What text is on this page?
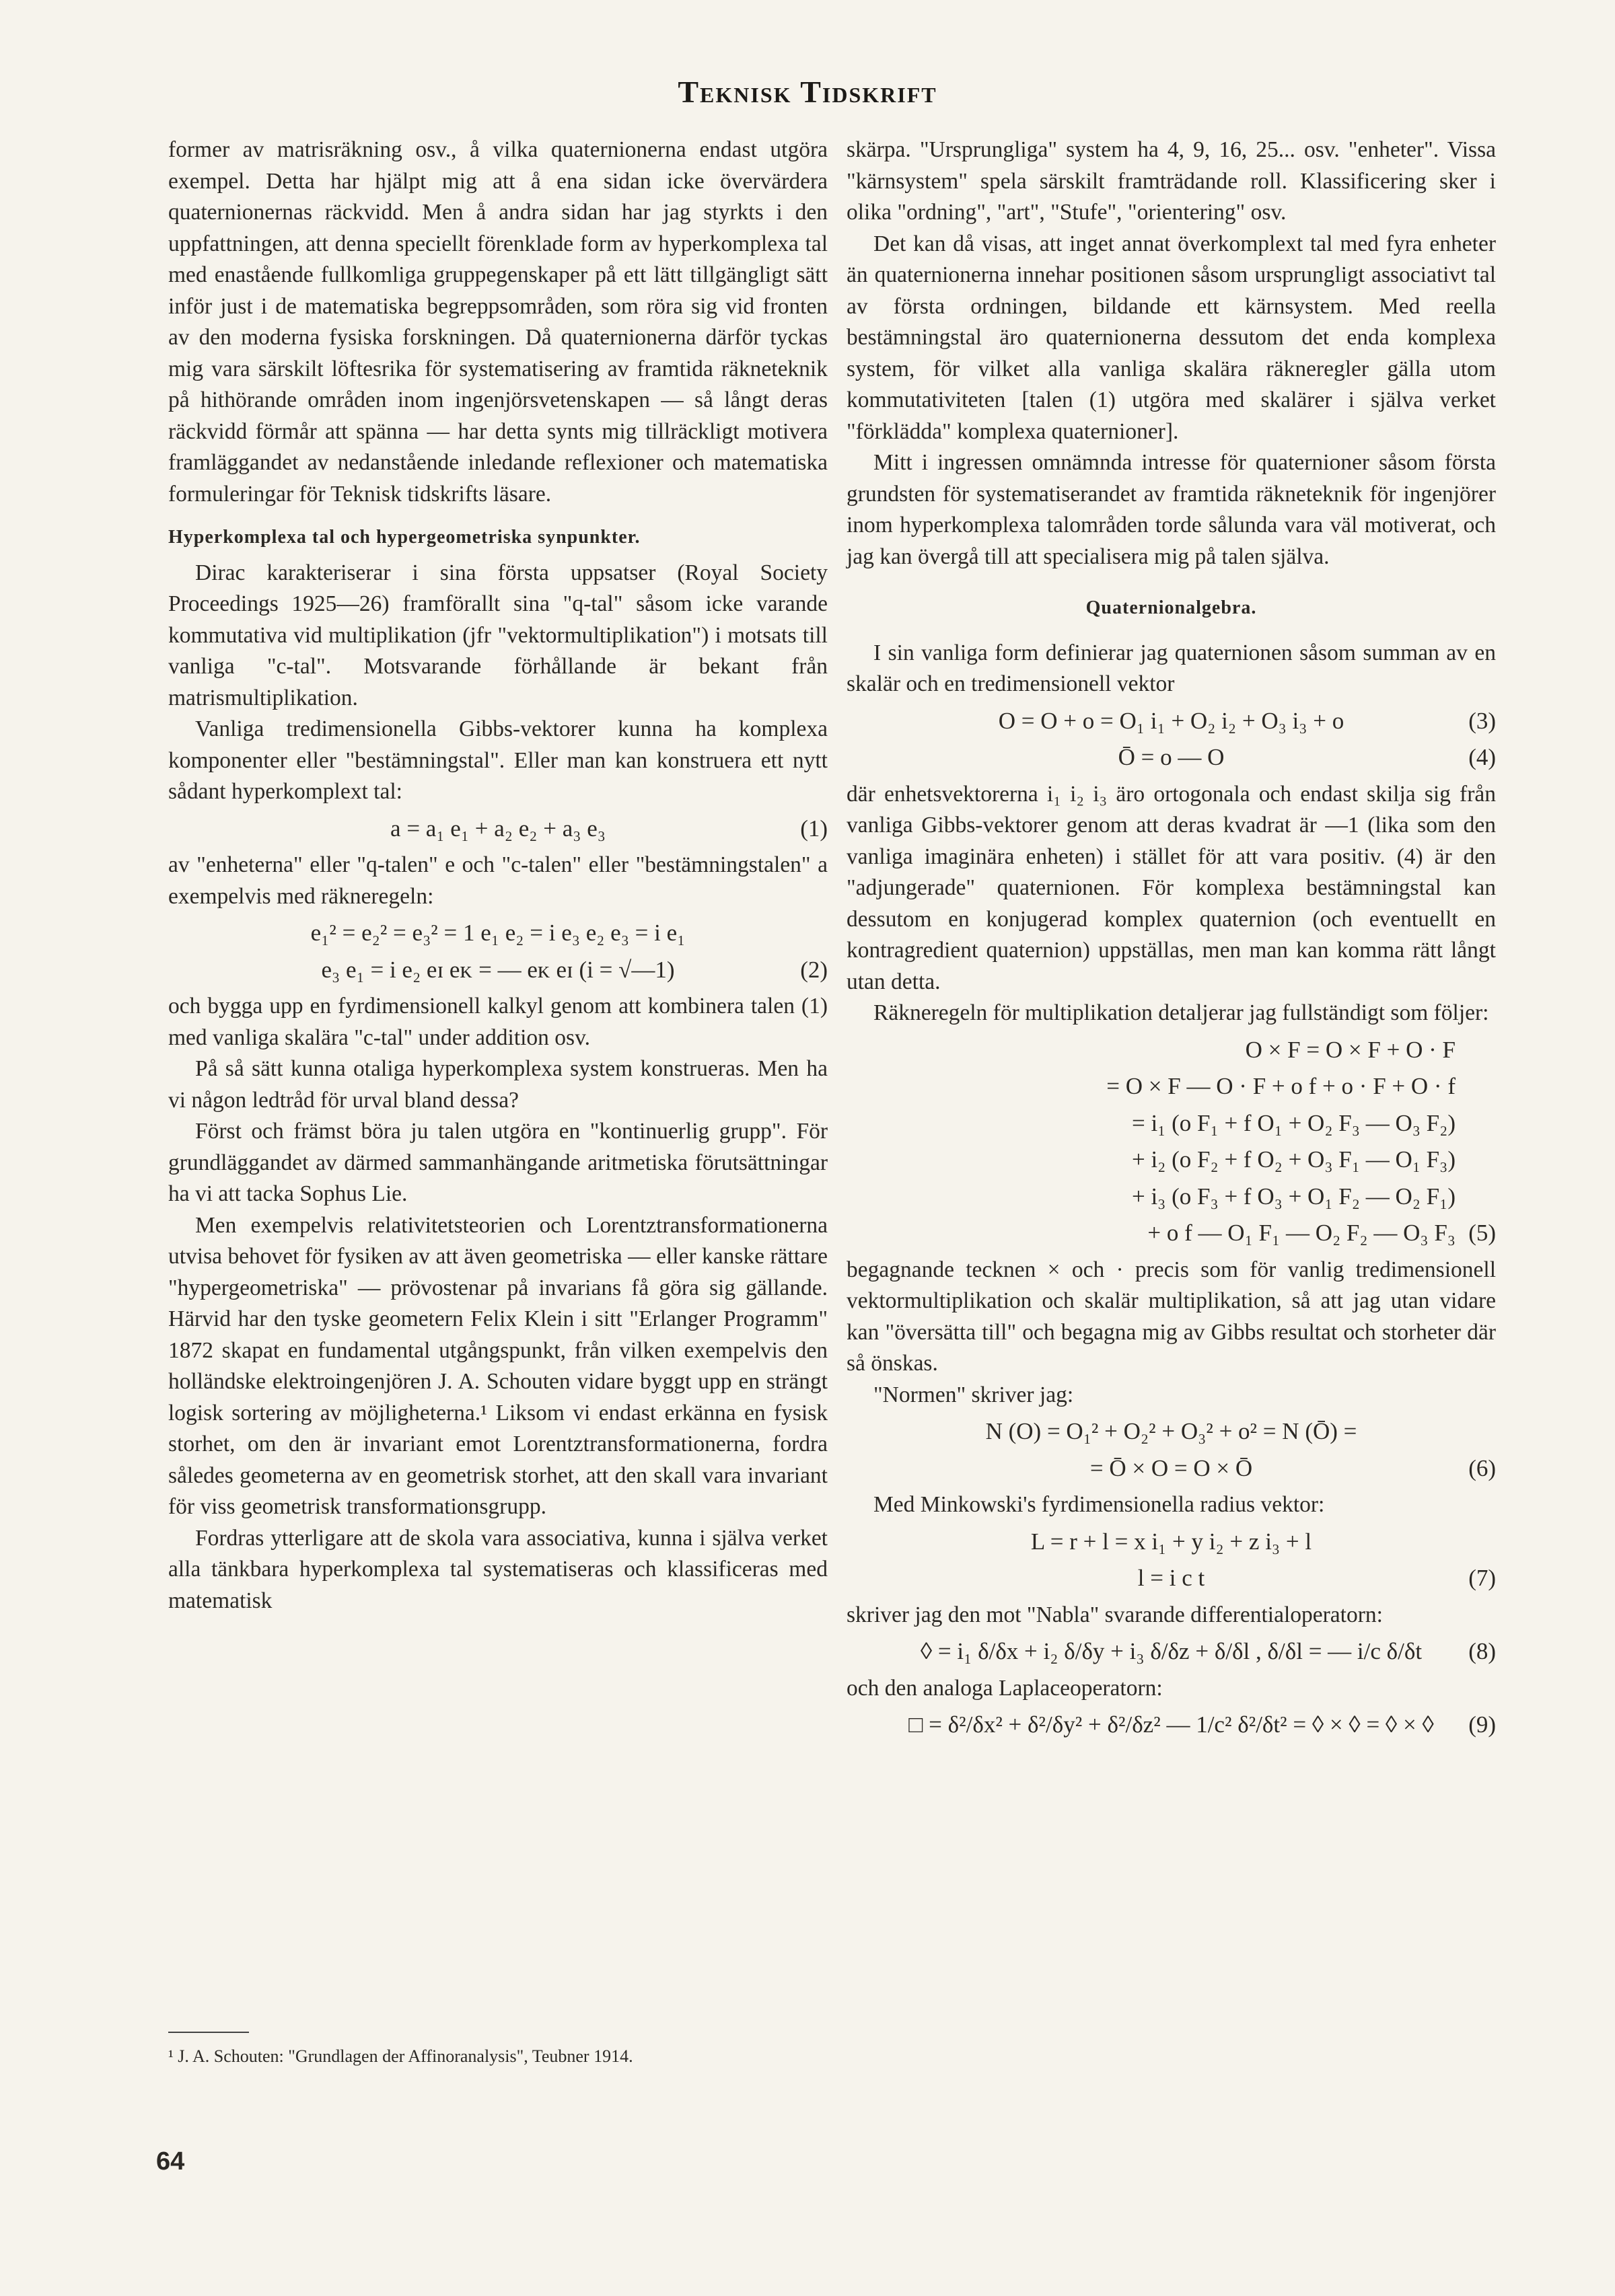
Teknisk Tidskrift

former av matrisräkning osv., å vilka quaternionerna endast utgöra exempel. Detta har hjälpt mig att å ena sidan icke övervärdera quaternionernas räckvidd. Men å andra sidan har jag styrkts i den uppfattningen, att denna speciellt förenklade form av hyperkomplexa tal med enastående fullkomliga gruppegenskaper på ett lätt tillgängligt sätt inför just i de matematiska begreppsområden, som röra sig vid fronten av den moderna fysiska forskningen. Då quaternionerna därför tyckas mig vara särskilt löftesrika för systematisering av framtida räkneteknik på hithörande områden inom ingenjörsvetenskapen — så långt deras räckvidd förmår att spänna — har detta synts mig tillräckligt motivera framläggandet av nedanstående inledande reflexioner och matematiska formuleringar för Teknisk tidskrifts läsare.

Hyperkomplexa tal och hypergeometriska synpunkter.

Dirac karakteriserar i sina första uppsatser (Royal Society Proceedings 1925—26) framförallt sina "q-tal" såsom icke varande kommutativa vid multiplikation (jfr "vektormultiplikation") i motsats till vanliga "c-tal". Motsvarande förhållande är bekant från matrismultiplikation.

Vanliga tredimensionella Gibbs-vektorer kunna ha komplexa komponenter eller "bestämningstal". Eller man kan konstruera ett nytt sådant hyperkomplext tal:

a = a₁ e₁ + a₂ e₂ + a₃ e₃	(1)

av "enheterna" eller "q-talen" e och "c-talen" eller "bestämningstalen" a exempelvis med räkneregeln:

e₁² = e₂² = e₃² = 1 e₁ e₂ = i e₃ e₂ e₃ = i e₁
e₃ e₁ = i e₂ eɪ eᴋ = — eᴋ eɪ (i = √—1)	(2)

och bygga upp en fyrdimensionell kalkyl genom att kombinera talen (1) med vanliga skalära "c-tal" under addition osv.

På så sätt kunna otaliga hyperkomplexa system konstrueras. Men ha vi någon ledtråd för urval bland dessa?

Först och främst böra ju talen utgöra en "kontinuerlig grupp". För grundläggandet av därmed sammanhängande aritmetiska förutsättningar ha vi att tacka Sophus Lie.

Men exempelvis relativitetsteorien och Lorentztransformationerna utvisa behovet för fysiken av att även geometriska — eller kanske rättare "hypergeometriska" — prövostenar på invarians få göra sig gällande. Härvid har den tyske geometern Felix Klein i sitt "Erlanger Programm" 1872 skapat en fundamental utgångspunkt, från vilken exempelvis den holländske elektroingenjören J. A. Schouten vidare byggt upp en strängt logisk sortering av möjligheterna.¹ Liksom vi endast erkänna en fysisk storhet, om den är invariant emot Lorentztransformationerna, fordra således geometerna av en geometrisk storhet, att den skall vara invariant för viss geometrisk transformationsgrupp.

Fordras ytterligare att de skola vara associativa, kunna i själva verket alla tänkbara hyperkomplexa tal systematiseras och klassificeras med matematisk

skärpa. "Ursprungliga" system ha 4, 9, 16, 25... osv. "enheter". Vissa "kärnsystem" spela särskilt framträdande roll. Klassificering sker i olika "ordning", "art", "Stufe", "orientering" osv.

Det kan då visas, att inget annat överkomplext tal med fyra enheter än quaternionerna innehar positionen såsom ursprungligt associativt tal av första ordningen, bildande ett kärnsystem. Med reella bestämningstal äro quaternionerna dessutom det enda komplexa system, för vilket alla vanliga skalära räkneregler gälla utom kommutativiteten [talen (1) utgöra med skalärer i själva verket "förklädda" komplexa quaternioner].

Mitt i ingressen omnämnda intresse för quaternioner såsom första grundsten för systematiserandet av framtida räkneteknik för ingenjörer inom hyperkomplexa talområden torde sålunda vara väl motiverat, och jag kan övergå till att specialisera mig på talen själva.

Quaternionalgebra.

I sin vanliga form definierar jag quaternionen såsom summan av en skalär och en tredimensionell vektor

O = O + o = O₁ i₁ + O₂ i₂ + O₃ i₃ + o	(3)
Ō = o — O	(4)

där enhetsvektorerna i₁ i₂ i₃ äro ortogonala och endast skilja sig från vanliga Gibbs-vektorer genom att deras kvadrat är —1 (lika som den vanliga imaginära enheten) i stället för att vara positiv. (4) är den "adjungerade" quaternionen. För komplexa bestämningstal kan dessutom en konjugerad komplex quaternion (och eventuellt en kontragredient quaternion) uppställas, men man kan komma rätt långt utan detta.

Räkneregeln för multiplikation detaljerar jag fullständigt som följer:

O × F = O × F + O · F
= O × F — O · F + o f + o · F + O · f
= i₁ (o F₁ + f O₁ + O₂ F₃ — O₃ F₂)
+ i₂ (o F₂ + f O₂ + O₃ F₁ — O₁ F₃)
+ i₃ (o F₃ + f O₃ + O₁ F₂ — O₂ F₁)
+ o f — O₁ F₁ — O₂ F₂ — O₃ F₃ (5)

begagnande tecknen × och · precis som för vanlig tredimensionell vektormultiplikation och skalär multiplikation, så att jag utan vidare kan "översätta till" och begagna mig av Gibbs resultat och storheter där så önskas.

"Normen" skriver jag:

N (O) = O₁² + O₂² + O₃² + o² = N (Ō) =
= Ō × O = O × Ō	(6)

Med Minkowski's fyrdimensionella radius vektor:

L = r + l = x i₁ + y i₂ + z i₃ + l
l = i c t	(7)

skriver jag den mot "Nabla" svarande differentialoperatorn:

◊ = i₁ δ/δx + i₂ δ/δy + i₃ δ/δz + δ/δl , δ/δl = — i/c δ/δt	(8)

och den analoga Laplaceoperatorn:

□ = δ²/δx² + δ²/δy² + δ²/δz² — 1/c² δ²/δt² = ◊ × ◊ = ◊ × ◊	(9)
¹ J. A. Schouten: "Grundlagen der Affinoranalysis", Teubner 1914.
64
